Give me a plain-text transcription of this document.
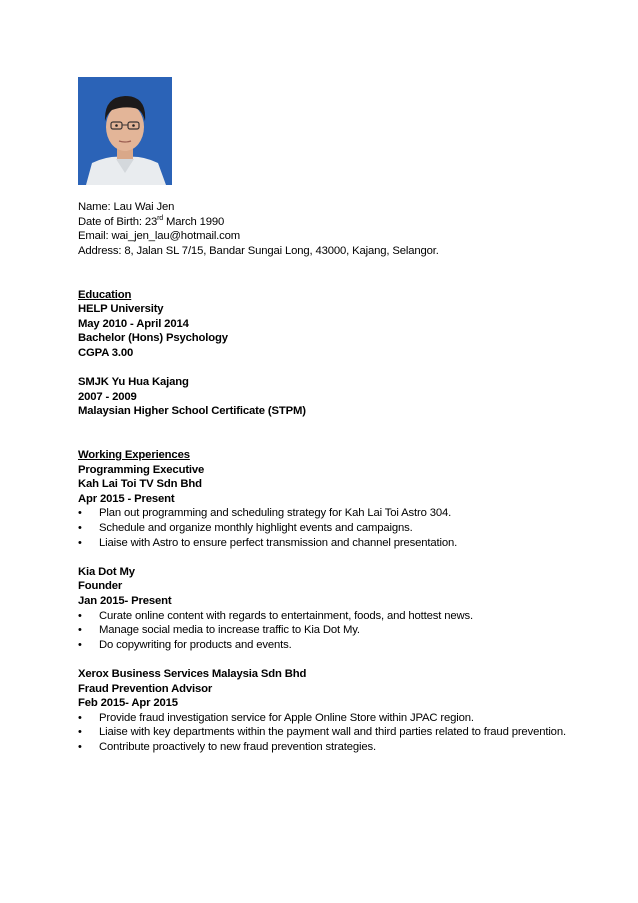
Name: Lau Wai Jen
Date of Birth: 23rd March 1990
Email: wai_jen_lau@hotmail.com
Address: 8, Jalan SL 7/15, Bandar Sungai Long, 43000, Kajang, Selangor.
Education
HELP University
May 2010 - April 2014
Bachelor (Hons) Psychology
CGPA 3.00
SMJK Yu Hua Kajang
2007 - 2009
Malaysian Higher School Certificate (STPM)
Working Experiences
Programming Executive
Kah Lai Toi TV Sdn Bhd
Apr 2015 - Present
•	Plan out programming and scheduling strategy for Kah Lai Toi Astro 304.
•	Schedule and organize monthly highlight events and campaigns.
•	Liaise with Astro to ensure perfect transmission and channel presentation.
Kia Dot My
Founder
Jan 2015- Present
•	Curate online content with regards to entertainment, foods, and hottest news.
•	Manage social media to increase traffic to Kia Dot My.
•	Do copywriting for products and events.
Xerox Business Services Malaysia Sdn Bhd
Fraud Prevention Advisor
Feb 2015- Apr 2015
•	Provide fraud investigation service for Apple Online Store within JPAC region.
•	Liaise with key departments within the payment wall and third parties related to fraud prevention.
•	Contribute proactively to new fraud prevention strategies.
